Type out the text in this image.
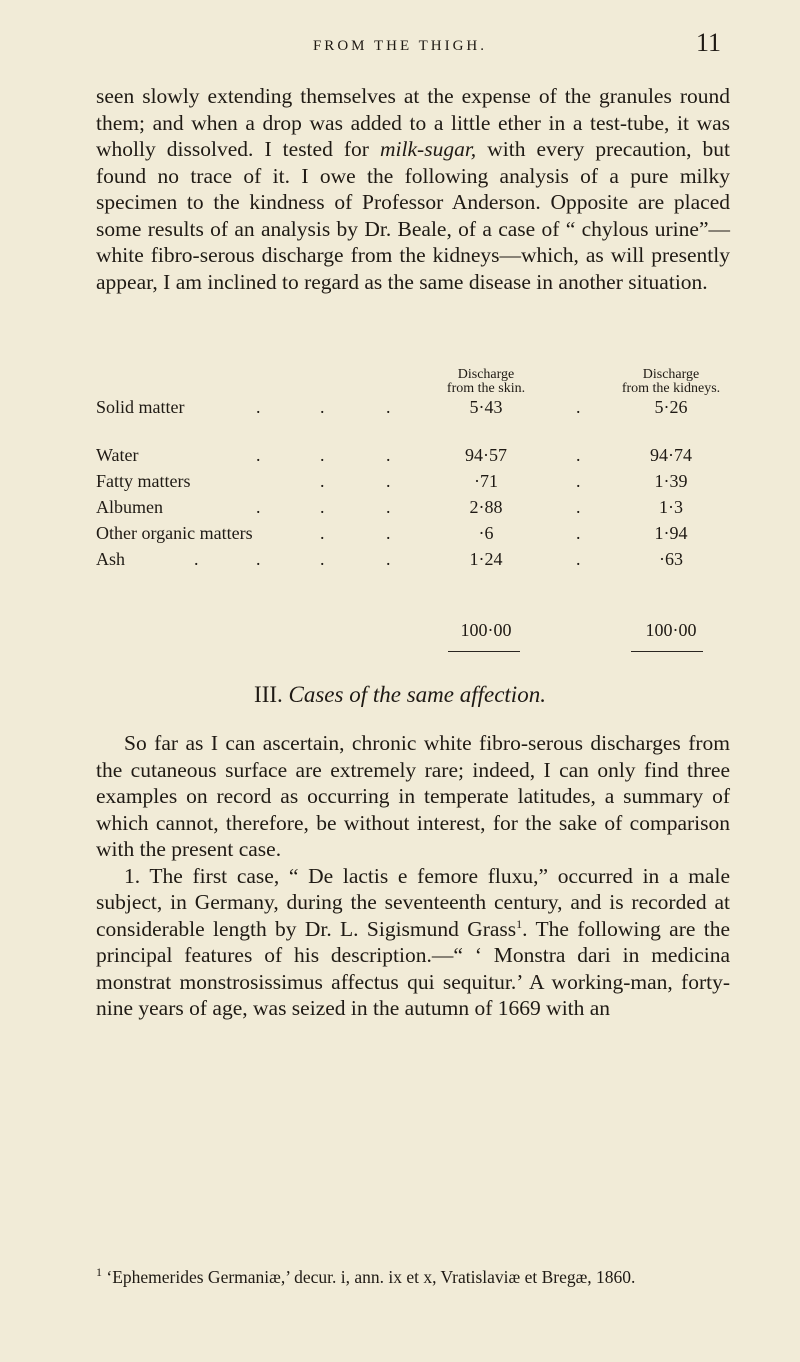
FROM THE THIGH.	11

seen slowly extending themselves at the expense of the granules round them; and when a drop was added to a little ether in a test-tube, it was wholly dissolved. I tested for milk-sugar, with every precaution, but found no trace of it. I owe the following analysis of a pure milky specimen to the kindness of Professor Anderson. Opposite are placed some results of an analysis by Dr. Beale, of a case of “ chylous urine”—white fibro-serous discharge from the kidneys—which, as will presently appear, I am inclined to regard as the same disease in another situation.

Discharge
from the skin.
Discharge
from the kidneys.
Solid matter	.	.	.	5·43	.	5·26
Water	.	.	.	94·57	.	94·74
Fatty matters	.	.	·71	.	1·39
Albumen	.	.	.	2·88	.	1·3
Other organic matters	.	.	·6	.	1·94
Ash	.	.	.	.	1·24	.	·63
100·00	100·00
III. Cases of the same affection.

So far as I can ascertain, chronic white fibro-serous discharges from the cutaneous surface are extremely rare; indeed, I can only find three examples on record as occurring in temperate latitudes, a summary of which cannot, therefore, be without interest, for the sake of comparison with the present case.

1. The first case, “ De lactis e femore fluxu,” occurred in a male subject, in Germany, during the seventeenth century, and is recorded at considerable length by Dr. L. Sigismund Grass$^1$. The following are the principal features of his description.—“ ‘ Monstra dari in medicina monstrat monstrosissimus affectus qui sequitur.’ A working-man, forty-nine years of age, was seized in the autumn of 1669 with an

$^1$ ‘Ephemerides Germaniæ,’ decur. i, ann. ix et x, Vratislaviæ et Bregæ, 1860.
